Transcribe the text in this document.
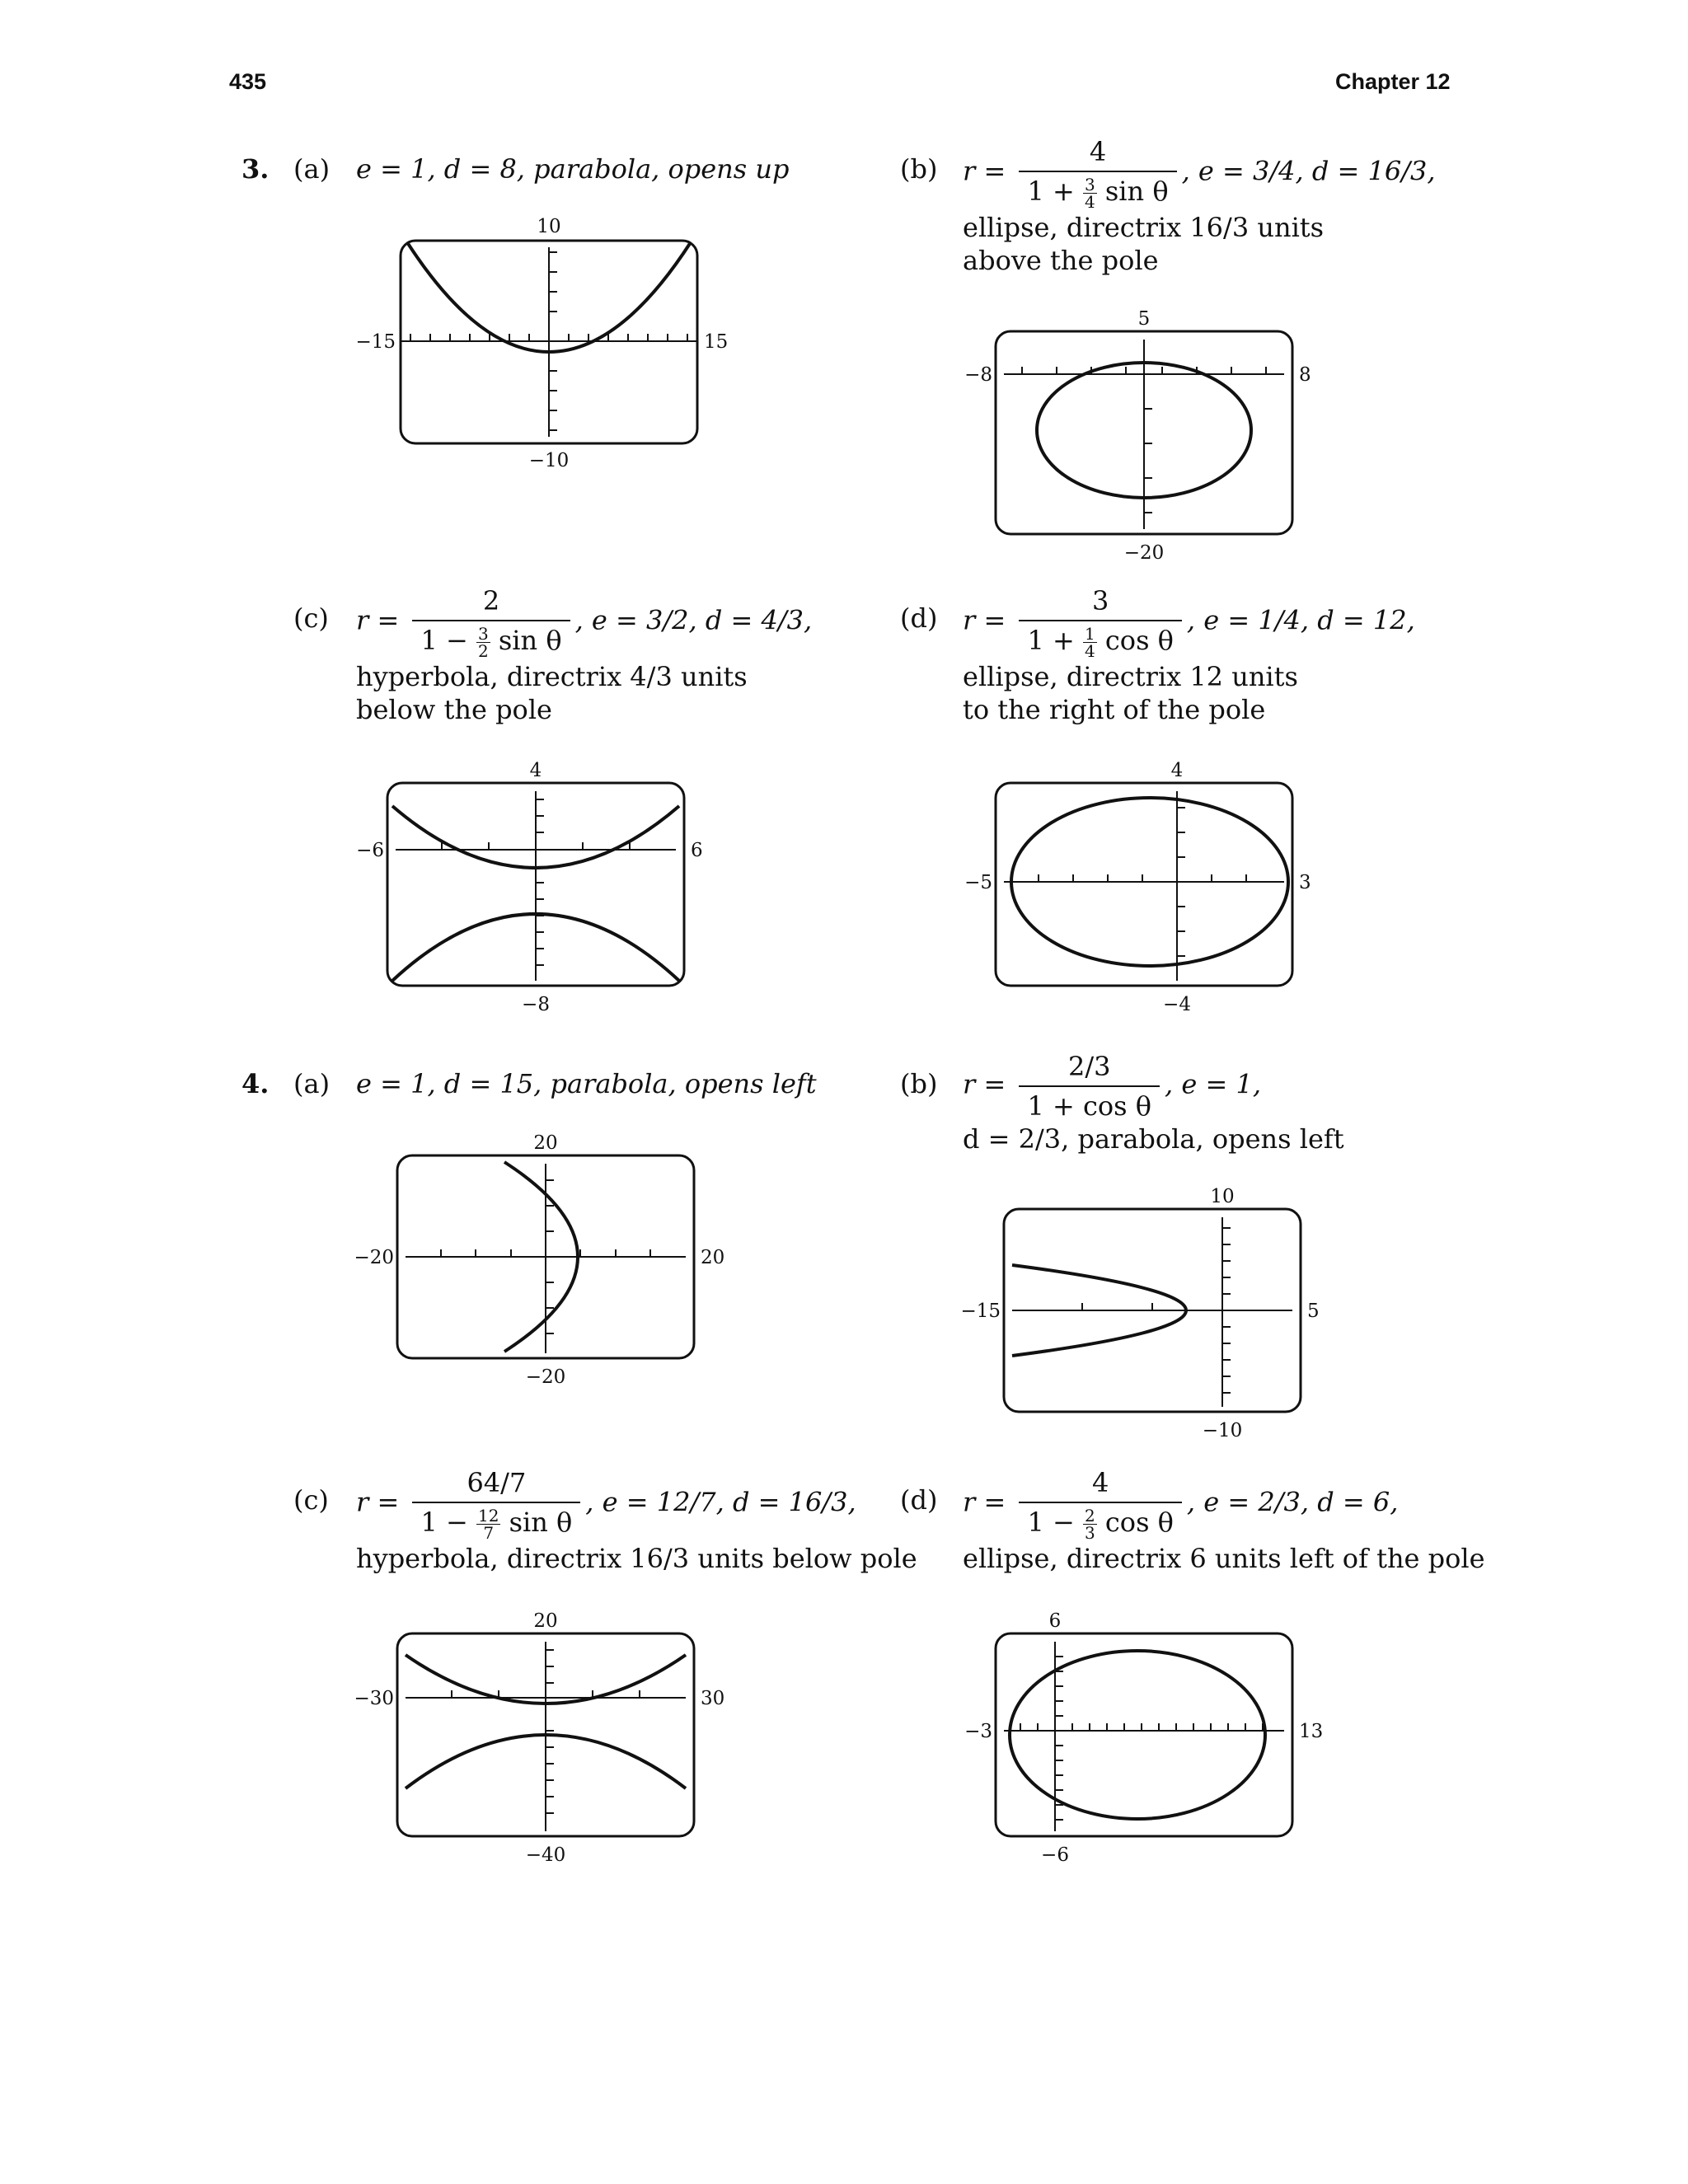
435	Chapter 12
3. (a) e = 1, d = 8, parabola, opens up
10
−10
−15	15
(b) $r = \frac{4}{1 + \frac{3}{4} \sin \theta}$ , e = 3/4, d = 16/3,
ellipse, directrix 16/3 units
above the pole
5
−20
−8	8
(c) $r = \frac{2}{1 - \frac{3}{2} \sin \theta}$ , e = 3/2, d = 4/3,
hyperbola, directrix 4/3 units
below the pole
4
−8
−6	6
(d) $r = \frac{3}{1 + \frac{1}{4} \cos \theta}$ , e = 1/4, d = 12,
ellipse, directrix 12 units
to the right of the pole
4
−4
−5	3
4. (a) e = 1, d = 15, parabola, opens left
20
−20
−20	20
(b) $r = \frac{2/3}{\text{1 + cos θ}}$ , e = 1,
d = 2/3, parabola, opens left
10
−10
−15	5
(c) $r = \frac{64/7}{1 - \frac{12}{7} \sin \theta}$ , e = 12/7, d = 16/3,
hyperbola, directrix 16/3 units below pole
20
−40
−30	30
(d) $r = \frac{4}{1 - \frac{2}{3} \cos \theta}$ , e = 2/3, d = 6,
ellipse, directrix 6 units left of the pole
6
−6
−3	13
